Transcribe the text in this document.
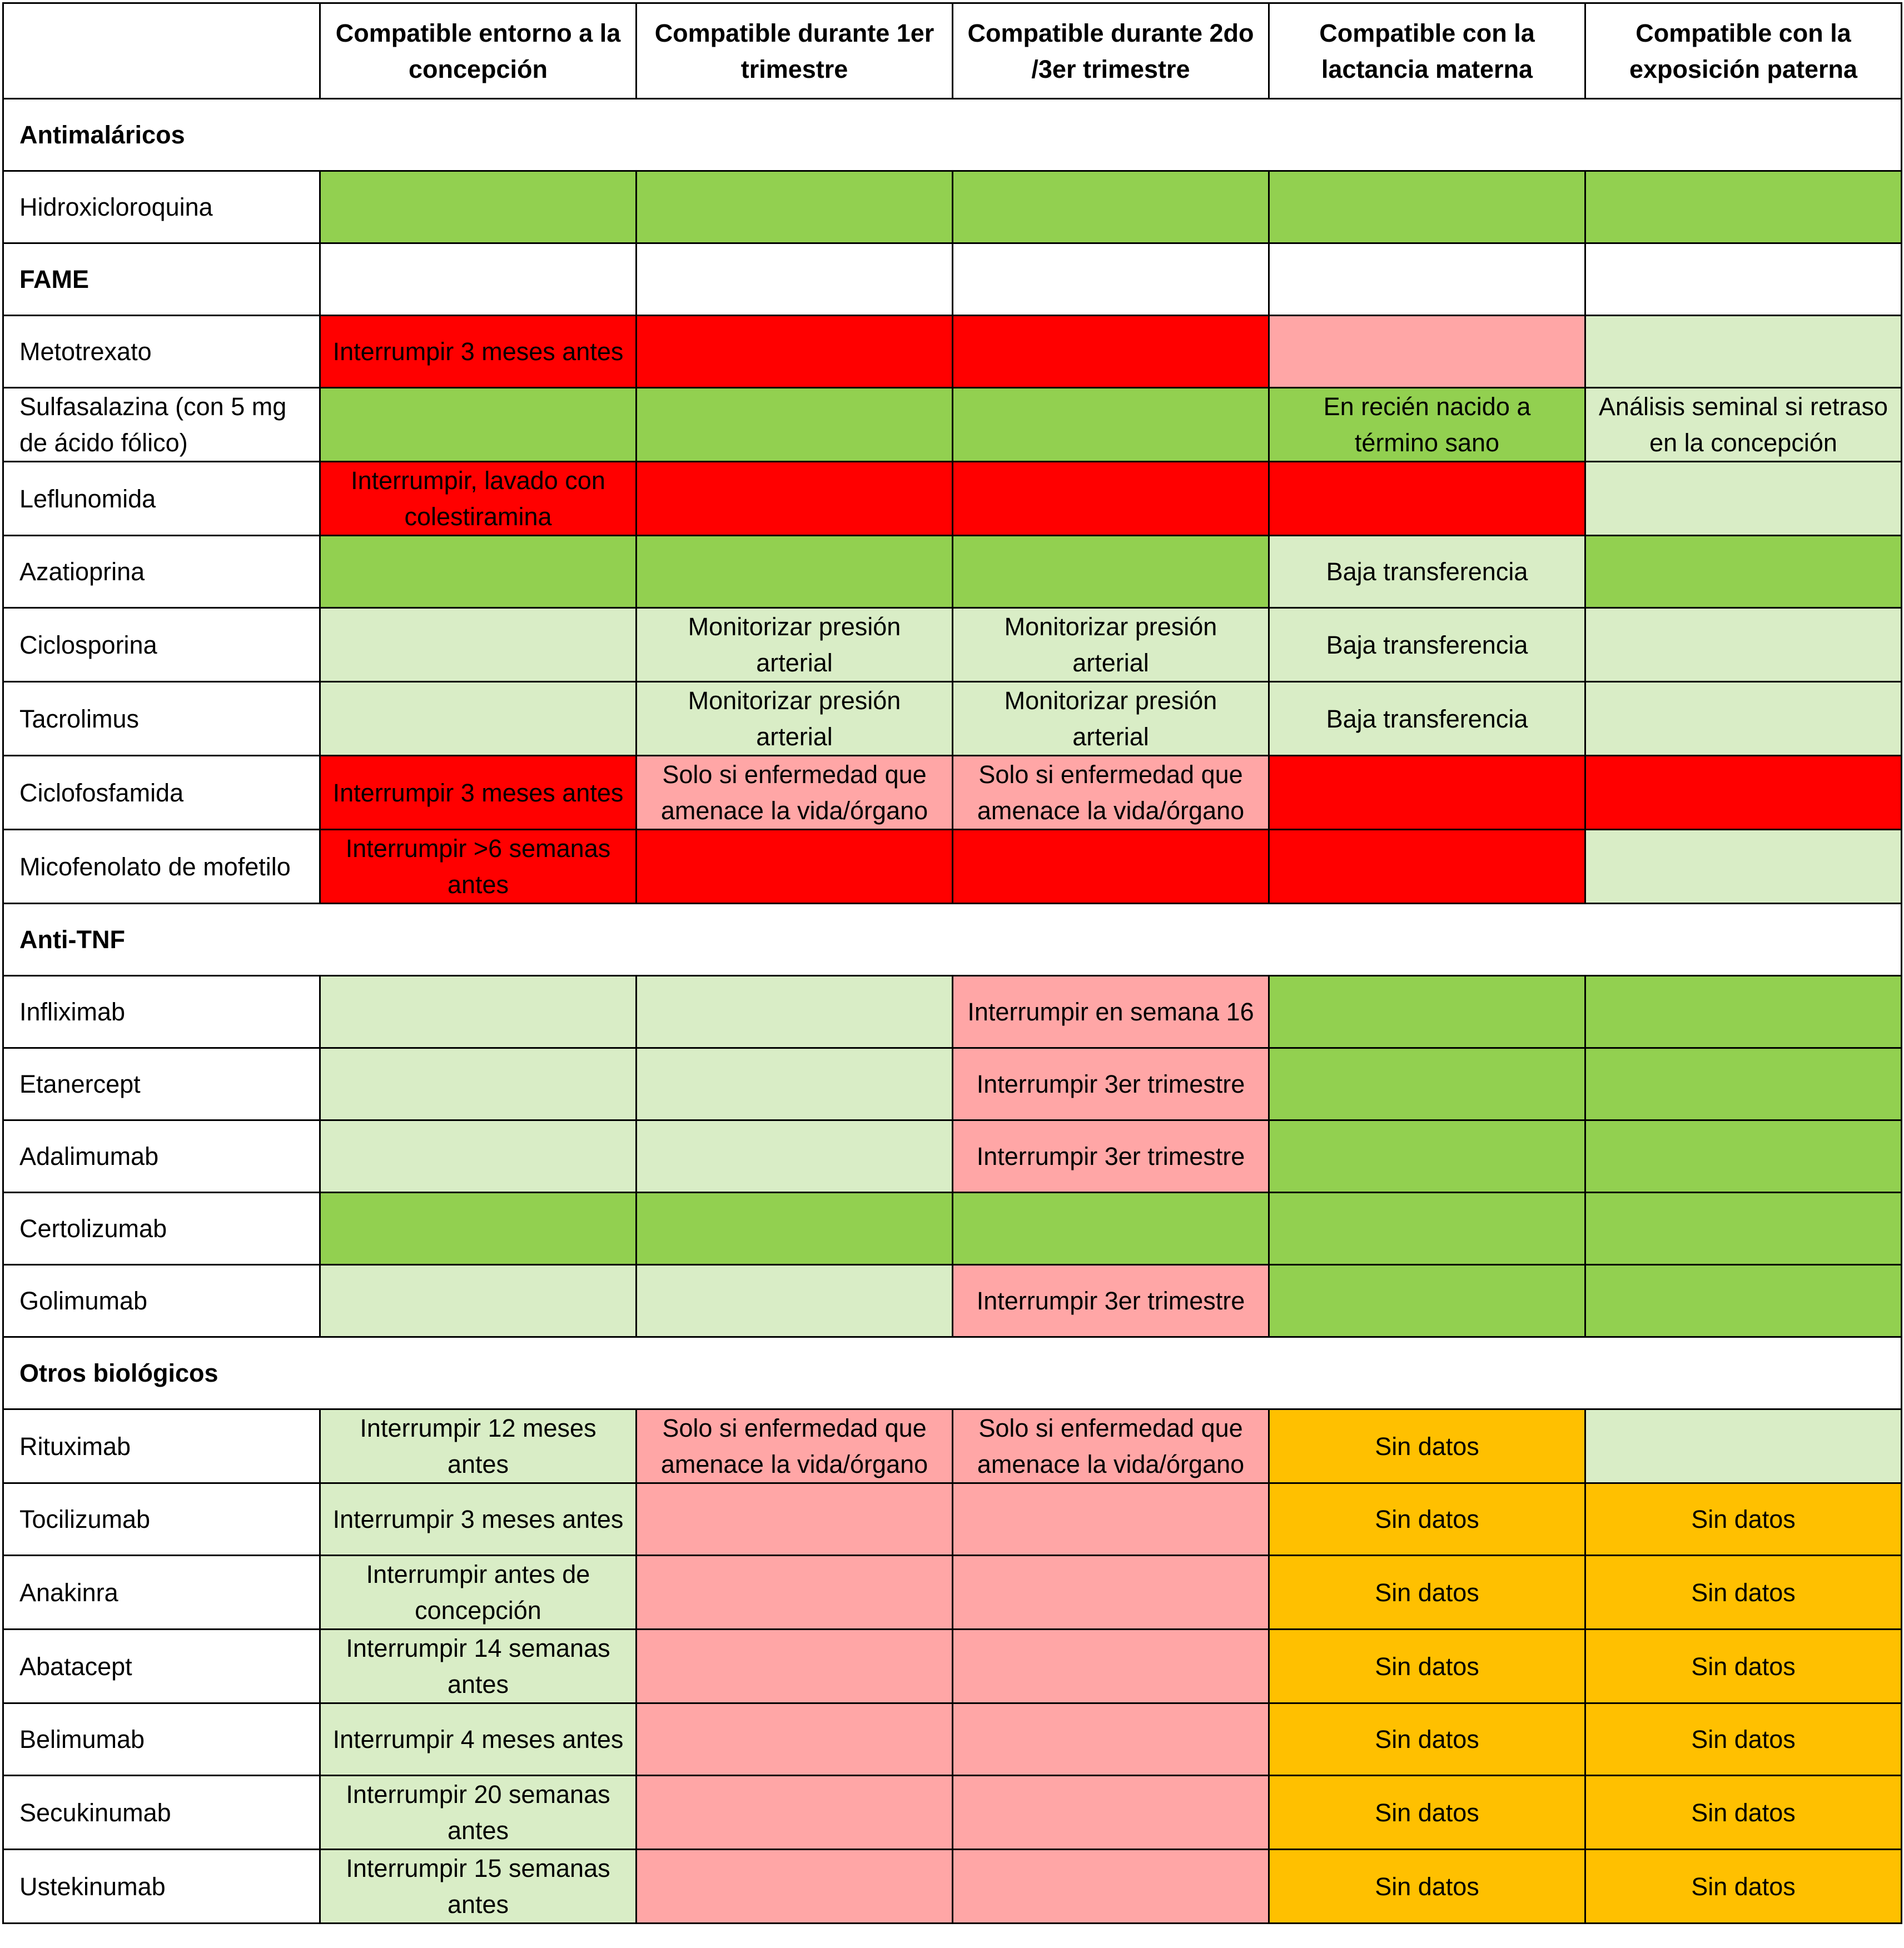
	Compatible entorno a la concepción	Compatible durante 1er trimestre	Compatible durante 2do /3er trimestre	Compatible con la lactancia materna	Compatible con la exposición paterna
Antimaláricos					
Hidroxicloroquina					
FAME					
Metotrexato	Interrumpir 3 meses antes				
Sulfasalazina (con 5 mg de ácido fólico)				En recién nacido a término sano	Análisis seminal si retraso en la concepción
Leflunomida	Interrumpir, lavado con colestiramina				
Azatioprina				Baja transferencia	
Ciclosporina		Monitorizar presión arterial	Monitorizar presión arterial	Baja transferencia	
Tacrolimus		Monitorizar presión arterial	Monitorizar presión arterial	Baja transferencia	
Ciclofosfamida	Interrumpir 3 meses antes	Solo si enfermedad que amenace la vida/órgano	Solo si enfermedad que amenace la vida/órgano		
Micofenolato de mofetilo	Interrumpir >6 semanas antes				
Anti-TNF					
Infliximab			Interrumpir en semana 16		
Etanercept			Interrumpir 3er trimestre		
Adalimumab			Interrumpir 3er trimestre		
Certolizumab					
Golimumab			Interrumpir 3er trimestre		
Otros biológicos					
Rituximab	Interrumpir 12 meses antes	Solo si enfermedad que amenace la vida/órgano	Solo si enfermedad que amenace la vida/órgano	Sin datos	
Tocilizumab	Interrumpir 3 meses antes			Sin datos	Sin datos
Anakinra	Interrumpir antes de concepción			Sin datos	Sin datos
Abatacept	Interrumpir 14 semanas antes			Sin datos	Sin datos
Belimumab	Interrumpir 4 meses antes			Sin datos	Sin datos
Secukinumab	Interrumpir 20 semanas antes			Sin datos	Sin datos
Ustekinumab	Interrumpir 15 semanas antes			Sin datos	Sin datos
